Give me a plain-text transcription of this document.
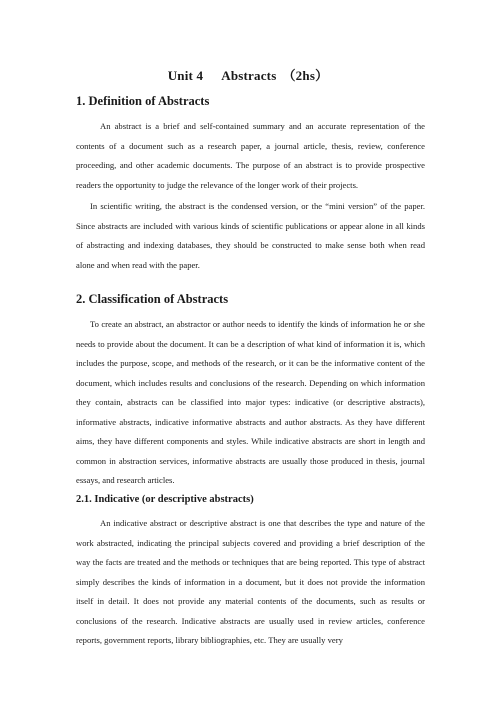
Unit 4 Abstracts （2hs）
1. Definition of Abstracts

An abstract is a brief and self-contained summary and an accurate representation of the contents of a document such as a research paper, a journal article, thesis, review, conference proceeding, and other academic documents. The purpose of an abstract is to provide prospective readers the opportunity to judge the relevance of the longer work of their projects.

In scientific writing, the abstract is the condensed version, or the “mini version” of the paper. Since abstracts are included with various kinds of scientific publications or appear alone in all kinds of abstracting and indexing databases, they should be constructed to make sense both when read alone and when read with the paper.

2. Classification of Abstracts

To create an abstract, an abstractor or author needs to identify the kinds of information he or she needs to provide about the document. It can be a description of what kind of information it is, which includes the purpose, scope, and methods of the research, or it can be the informative content of the document, which includes results and conclusions of the research. Depending on which information they contain, abstracts can be classified into major types: indicative (or descriptive abstracts), informative abstracts, indicative informative abstracts and author abstracts. As they have different aims, they have different components and styles. While indicative abstracts are short in length and common in abstraction services, informative abstracts are usually those produced in thesis, journal essays, and research articles.

2.1. Indicative (or descriptive abstracts)

An indicative abstract or descriptive abstract is one that describes the type and nature of the work abstracted, indicating the principal subjects covered and providing a brief description of the way the facts are treated and the methods or techniques that are being reported. This type of abstract simply describes the kinds of information in a document, but it does not provide the information itself in detail. It does not provide any material contents of the documents, such as results or conclusions of the research. Indicative abstracts are usually used in review articles, conference reports, government reports, library bibliographies, etc. They are usually very
